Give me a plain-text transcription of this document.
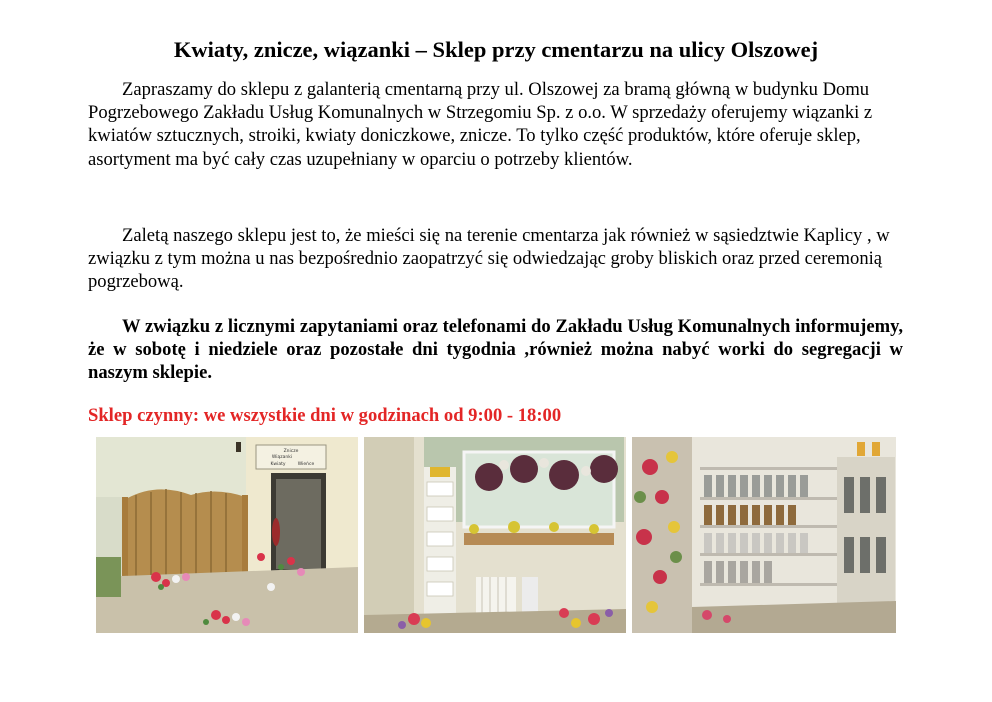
Kwiaty, znicze, wiązanki – Sklep przy cmentarzu na ulicy Olszowej

Zapraszamy do sklepu z galanterią cmentarną przy ul. Olszowej za bramą główną w budynku Domu Pogrzebowego Zakładu Usług Komunalnych w Strzegomiu Sp. z o.o. W sprzedaży oferujemy wiązanki z kwiatów sztucznych, stroiki, kwiaty doniczkowe, znicze. To tylko część produktów, które oferuje sklep, asortyment ma być cały czas uzupełniany w oparciu o potrzeby klientów.

Zaletą naszego sklepu jest to, że mieści się na terenie cmentarza jak również w sąsiedztwie Kaplicy , w związku z tym można u nas bezpośrednio zaopatrzyć się odwiedzając groby bliskich oraz przed ceremonią pogrzebową.

W związku z licznymi zapytaniami oraz telefonami do Zakładu Usług Komunalnych informujemy, że w sobotę i niedziele oraz pozostałe dni tygodnia ,również można nabyć worki do segregacji w naszym sklepie.

Sklep czynny: we wszystkie dni w godzinach od 9:00 - 18:00
Znicze
Wiązanki
Kwiaty	Wieńce
